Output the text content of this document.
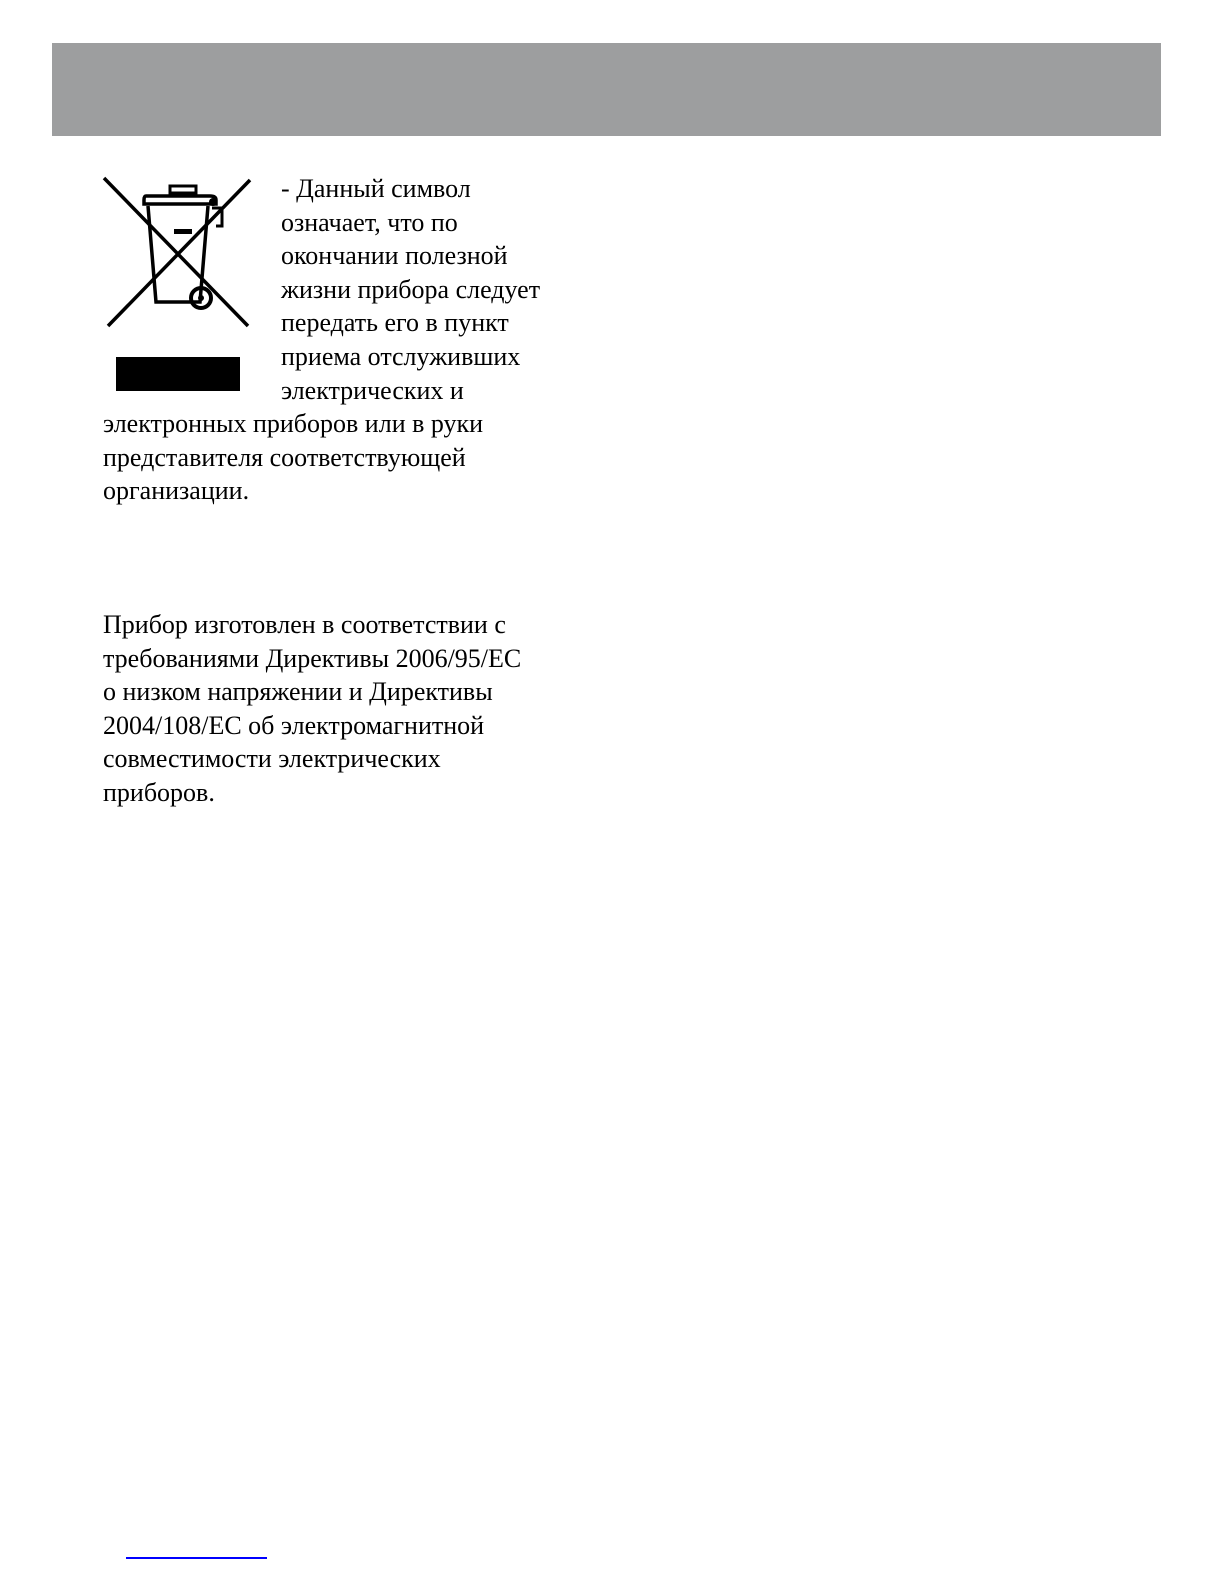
- Данный символ
означает, что по
окончании полезной
жизни прибора следует
передать его в пункт
приема отслуживших
электрических и
электронных приборов или в руки
представителя соответствующей
организации.
Прибор изготовлен в соответствии с
требованиями Директивы 2006/95/EC
о низком напряжении и Директивы
2004/108/EC об электромагнитной
совместимости электрических
приборов.
